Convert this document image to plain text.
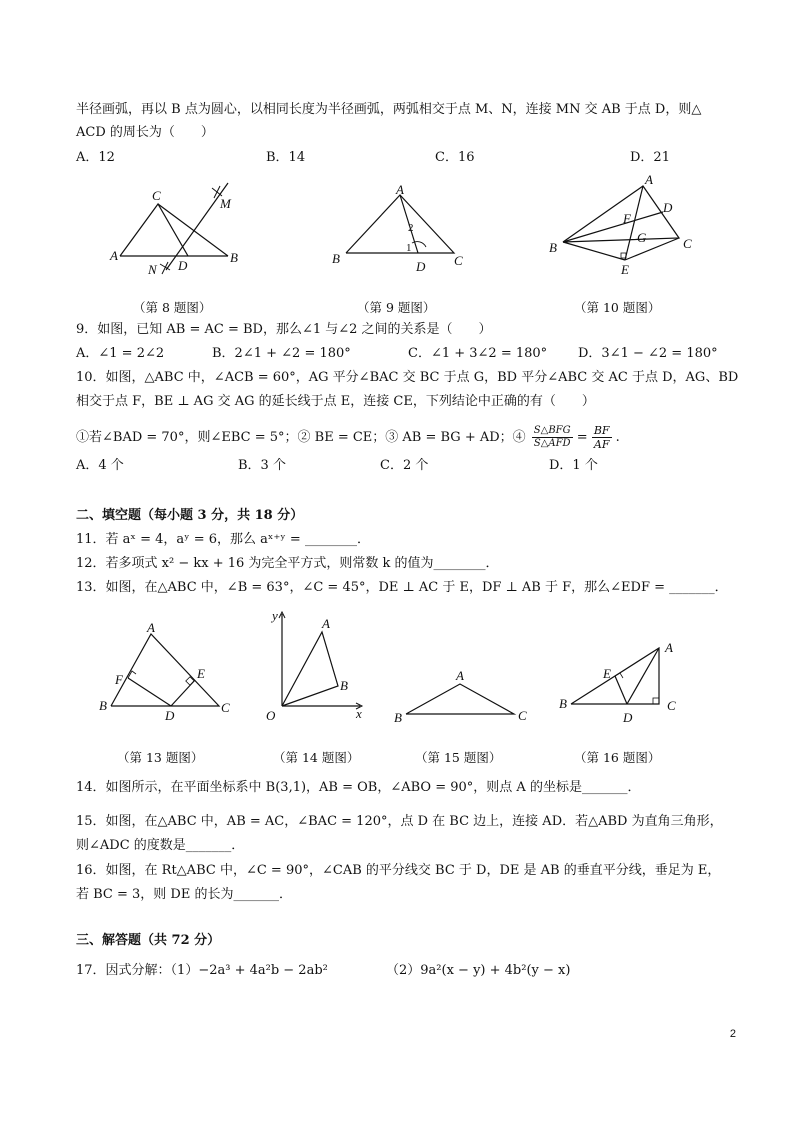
半径画弧，再以 B 点为圆心，以相同长度为半径画弧，两弧相交于点 M、N，连接 MN 交 AB 于点 D，则△
ACD 的周长为（　　）
A．12	B．14	C．16	D．21
C
A	B
D
M
N
（第 8 题图）
A
B	C
D
2
1
（第 9 题图）
A
B	C
D
F
G
E
（第 10 题图）
9．如图，已知 AB = AC = BD，那么∠1 与∠2 之间的关系是（　　）
A．∠1 = 2∠2	B．2∠1 + ∠2 = 180°	C．∠1 + 3∠2 = 180° D．3∠1 − ∠2 = 180°
10．如图，△ABC 中，∠ACB = 60°，AG 平分∠BAC 交 BC 于点 G，BD 平分∠ABC 交 AC 于点 D，AG、BD
相交于点 F，BE ⊥ AG 交 AG 的延长线于点 E，连接 CE，下列结论中正确的有（　　）
①若∠BAD = 70°，则∠EBC = 5°；② BE = CE；③ AB = BG + AD；④ S△BFG
S△AFD = $\frac{BF}{AF}$ .
A．4 个	B．3 个	C．2 个	D．1 个
二、填空题（每小题 3 分，共 18 分）
11．若 aˣ = 4，aʸ = 6，那么 aˣ⁺ʸ = ________．
12．若多项式 x² − kx + 16 为完全平方式，则常数 k 的值为________．
13．如图，在△ABC 中，∠B = 63°，∠C = 45°，DE ⊥ AC 于 E，DF ⊥ AB 于 F，那么∠EDF = _______．
A
B	C
D
E
F
（第 13 题图）
y
x
O
A
B
（第 14 题图）
A
B	C
（第 15 题图）
A
B	C
D
E
（第 16 题图）
14．如图所示，在平面坐标系中 B(3,1)，AB = OB，∠ABO = 90°，则点 A 的坐标是_______．
15．如图，在△ABC 中，AB = AC，∠BAC = 120°，点 D 在 BC 边上，连接 AD．若△ABD 为直角三角形，
则∠ADC 的度数是_______．
16．如图，在 Rt△ABC 中，∠C = 90°，∠CAB 的平分线交 BC 于 D，DE 是 AB 的垂直平分线，垂足为 E，
若 BC = 3，则 DE 的长为_______．
三、解答题（共 72 分）
17．因式分解：（1）−2a³ + 4a²b − 2ab²	（2）9a²(x − y) + 4b²(y − x)
2
